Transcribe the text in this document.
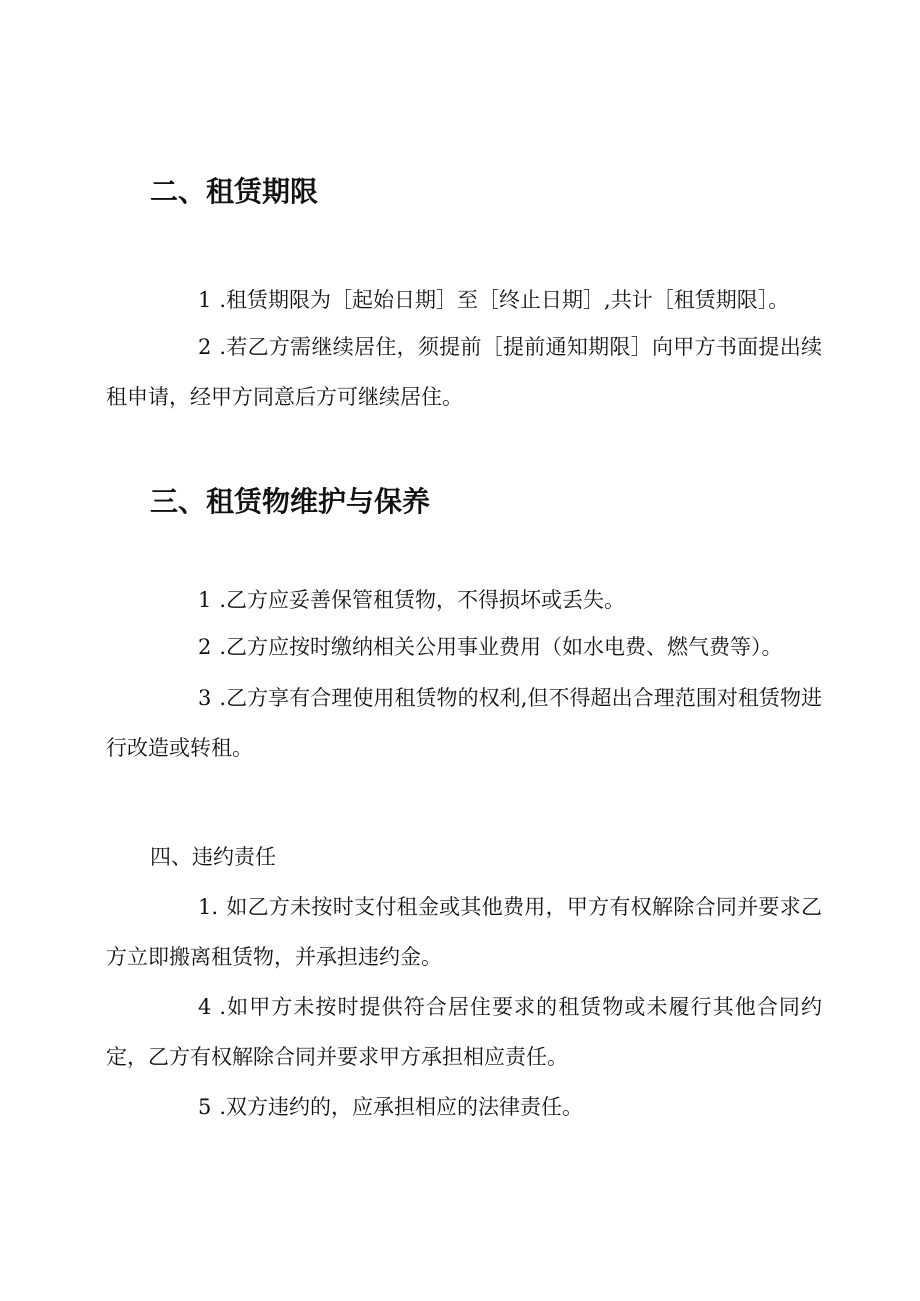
二、租赁期限

1 .租赁期限为［起始日期］至［终止日期］,共计［租赁期限］。

2 .若乙方需继续居住，须提前［提前通知期限］向甲方书面提出续租申请，经甲方同意后方可继续居住。

三、租赁物维护与保养

1 .乙方应妥善保管租赁物，不得损坏或丢失。

2 .乙方应按时缴纳相关公用事业费用（如水电费、燃气费等）。

3 .乙方享有合理使用租赁物的权利,但不得超出合理范围对租赁物进行改造或转租。

四、违约责任

1. 如乙方未按时支付租金或其他费用，甲方有权解除合同并要求乙方立即搬离租赁物，并承担违约金。

4 .如甲方未按时提供符合居住要求的租赁物或未履行其他合同约定，乙方有权解除合同并要求甲方承担相应责任。

5 .双方违约的，应承担相应的法律责任。
